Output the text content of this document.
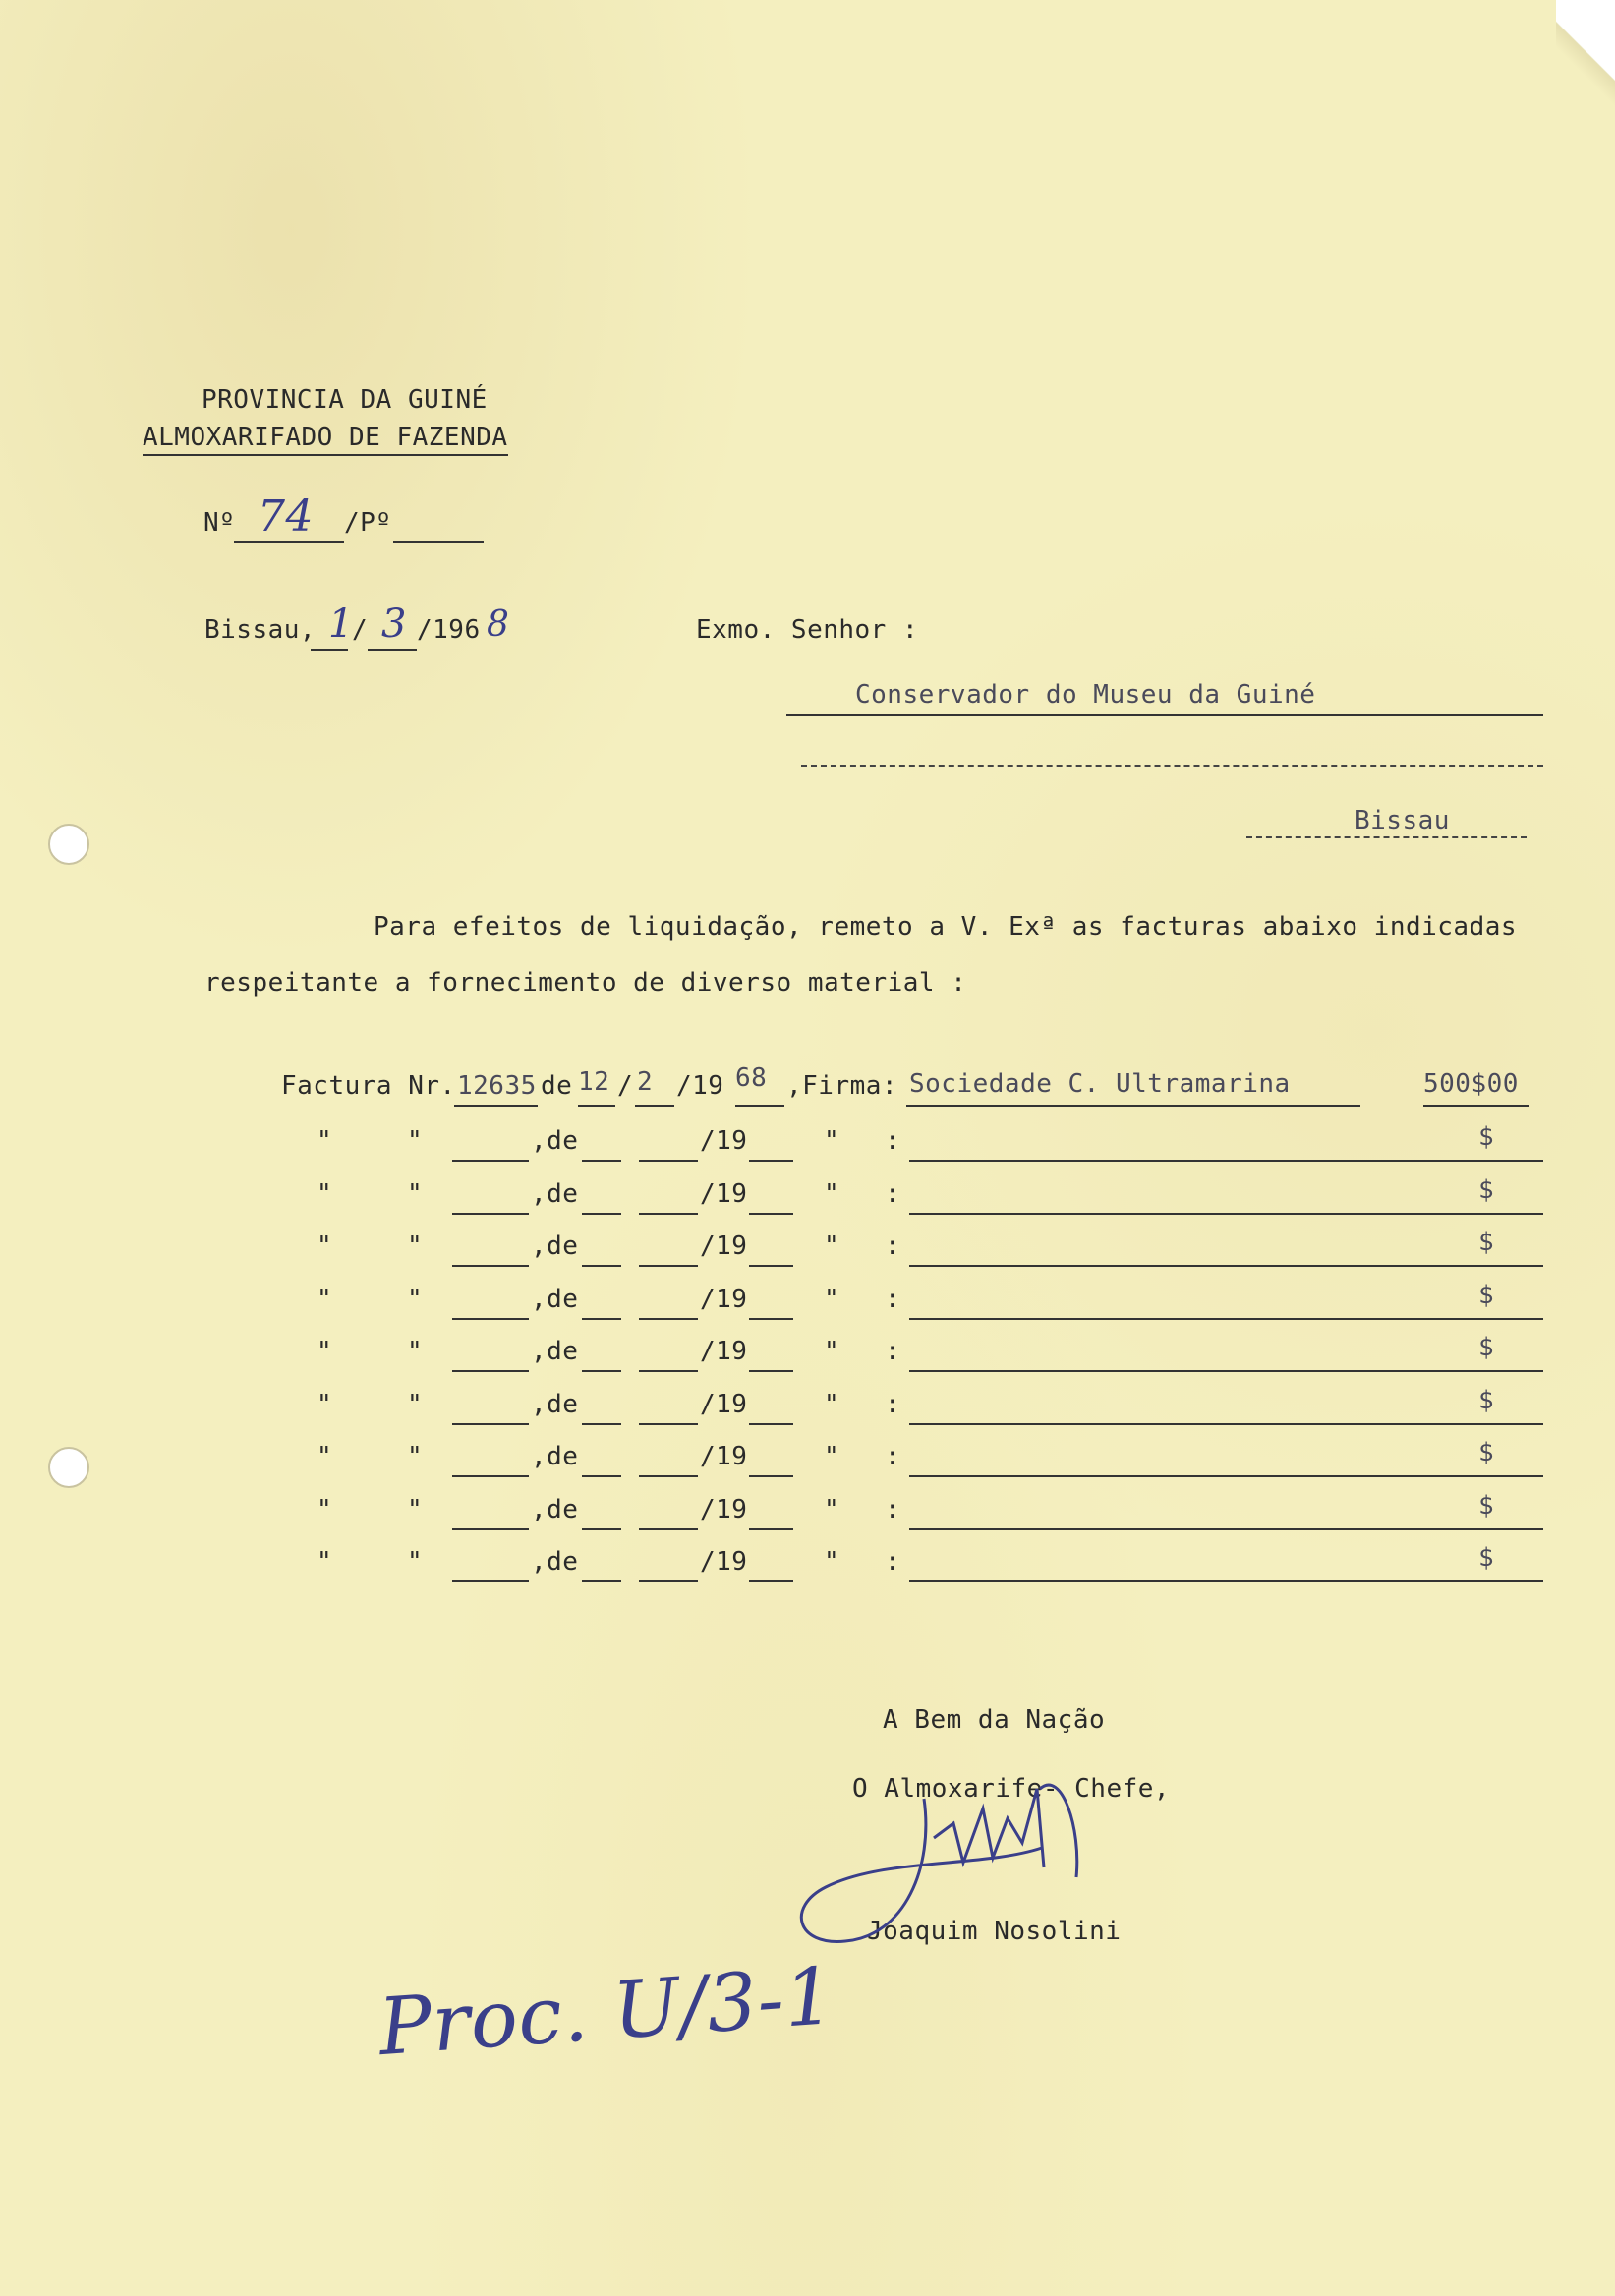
PROVINCIA DA GUINÉ
ALMOXARIFADO DE FAZENDA
Nº 74 /Pº
Bissau, 1
/ 3 /196 8	Exmo. Senhor :
Conservador do Museu da Guiné
Bissau
Para efeitos de liquidação, remeto a V. Exª as facturas abaixo indicadas
respeitante a fornecimento de diverso material :
Factura Nr. 12635 de 12 / 2 /19 68 ,Firma: Sociedade C. Ultramarina	500$00
"	"	,de	/19	" :	$
"	"	,de	/19	" :	$
"	"	,de	/19	" :	$
"	"	,de	/19	" :	$
"	"	,de	/19	" :	$
"	"	,de	/19	" :	$
"	"	,de	/19	" :	$
"	"	,de	/19	" :	$
"	"	,de	/19	" :	$
A Bem da Nação
O Almoxarife- Chefe,
Joaquim Nosolini
Proc. U/3-1
